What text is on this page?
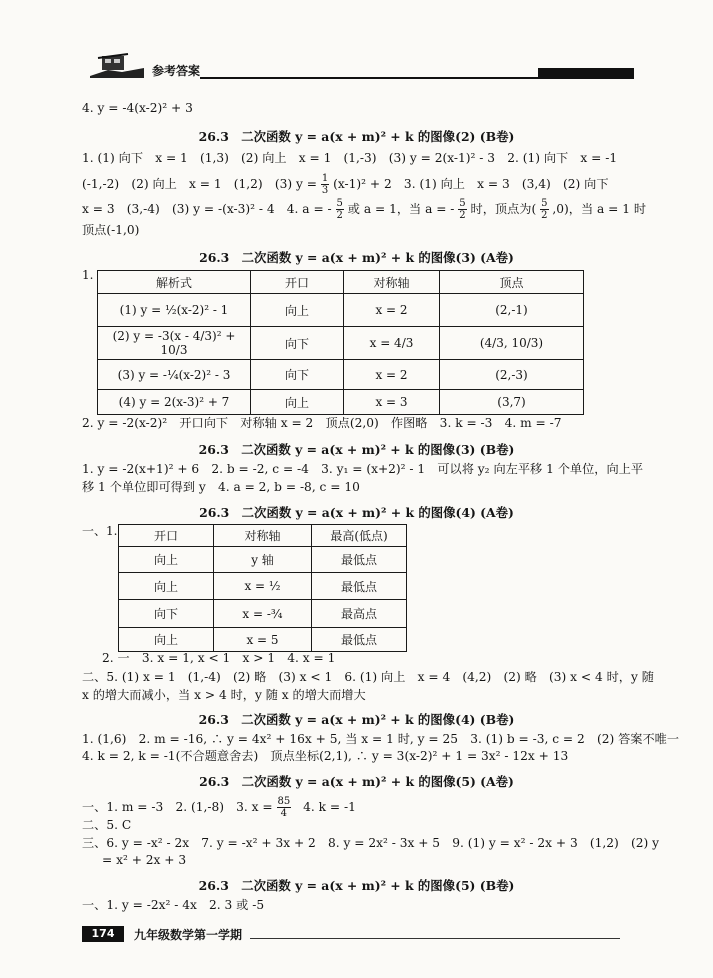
参考答案
4. y = -4(x-2)² + 3
26.3　二次函数 y = a(x + m)² + k 的图像(2) (B卷)
1. (1) 向下　x = 1　(1,3)　(2) 向上　x = 1　(1,-3)　(3) y = 2(x-1)² - 3　2. (1) 向下　x = -1
(-1,-2)　(2) 向上　x = 1　(1,2)　(3) $y = \frac{1}{3} (x-1)^2 + 2$　3. (1) 向上　x = 3　(3,4)　(2) 向下
x = 3　(3,-4)　(3) y = -(x-3)² - 4　4. a = - $\frac{5}{2}$ 或 a = 1，当 a = - $\frac{5}{2}$ 时，顶点为( $\frac{5}{2} ,0$)，当 a = 1 时
顶点(-1,0)
26.3　二次函数 y = a(x + m)² + k 的图像(3) (A卷)
1.
解析式	开口	对称轴	顶点
(1) y = ½(x-2)² - 1	向上	x = 2	(2,-1)
(2) y = -3(x - 4/3)² + 10/3	向下	x = 4/3	(4/3, 10/3)
(3) y = -¼(x-2)² - 3	向下	x = 2	(2,-3)
(4) y = 2(x-3)² + 7	向上	x = 3	(3,7)
2. y = -2(x-2)²　开口向下　对称轴 x = 2　顶点(2,0)　作图略　3. k = -3　4. m = -7
26.3　二次函数 y = a(x + m)² + k 的图像(3) (B卷)
1. y = -2(x+1)² + 6　2. b = -2, c = -4　3. y₁ = (x+2)² - 1　可以将 y₂ 向左平移 1 个单位，向上平
移 1 个单位即可得到 y　4. a = 2, b = -8, c = 10
26.3　二次函数 y = a(x + m)² + k 的图像(4) (A卷)
一、1.	开口	对称轴	最高(低点)
向上	y 轴	最低点
向上	x = ½	最低点
向下	x = -¾	最高点
向上	x = 5	最低点
2. 一　3. x = 1, x < 1　x > 1　4. x = 1
二、5. (1) x = 1　(1,-4)　(2) 略　(3) x < 1　6. (1) 向上　x = 4　(4,2)　(2) 略　(3) x < 4 时，y 随
x 的增大而减小，当 x > 4 时，y 随 x 的增大而增大
26.3　二次函数 y = a(x + m)² + k 的图像(4) (B卷)
1. (1,6)　2. m = -16, ∴ y = 4x² + 16x + 5, 当 x = 1 时, y = 25　3. (1) b = -3, c = 2　(2) 答案不唯一
4. k = 2, k = -1(不合题意舍去)　顶点坐标(2,1), ∴ y = 3(x-2)² + 1 = 3x² - 12x + 13
26.3　二次函数 y = a(x + m)² + k 的图像(5) (A卷)
一、1. m = -3　2. (1,-8)　3. $x = \frac{85}{4} 4$. k = -1
二、5. C
三、6. y = -x² - 2x　7. y = -x² + 3x + 2　8. y = 2x² - 3x + 5　9. (1) y = x² - 2x + 3　(1,2)　(2) y
= x² + 2x + 3
26.3　二次函数 y = a(x + m)² + k 的图像(5) (B卷)
一、1. y = -2x² - 4x　2. 3 或 -5
174	九年级数学第一学期
